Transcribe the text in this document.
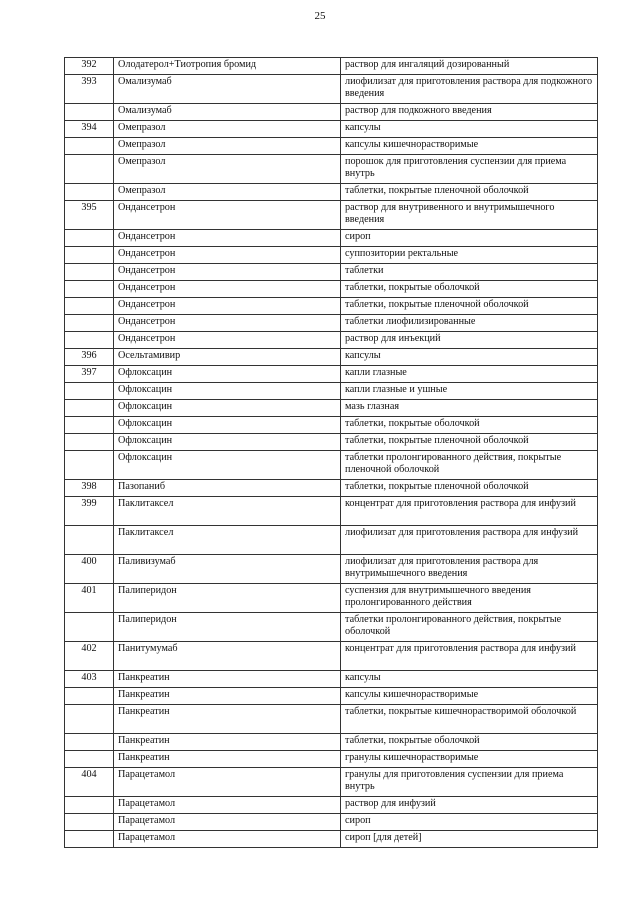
25
392	Олодатерол+Тиотропия бромид	раствор для ингаляций дозированный
393	Омализумаб	лиофилизат для приготовления раствора для подкожного введения
	Омализумаб	раствор для подкожного введения
394	Омепразол	капсулы
	Омепразол	капсулы кишечнорастворимые
	Омепразол	порошок для приготовления суспензии для приема внутрь
	Омепразол	таблетки, покрытые пленочной оболочкой
395	Ондансетрон	раствор для внутривенного и внутримышечного введения
	Ондансетрон	сироп
	Ондансетрон	суппозитории ректальные
	Ондансетрон	таблетки
	Ондансетрон	таблетки, покрытые оболочкой
	Ондансетрон	таблетки, покрытые пленочной оболочкой
	Ондансетрон	таблетки лиофилизированные
	Ондансетрон	раствор для инъекций
396	Осельтамивир	капсулы
397	Офлоксацин	капли глазные
	Офлоксацин	капли глазные и ушные
	Офлоксацин	мазь глазная
	Офлоксацин	таблетки, покрытые оболочкой
	Офлоксацин	таблетки, покрытые пленочной оболочкой
	Офлоксацин	таблетки пролонгированного действия, покрытые пленочной оболочкой
398	Пазопаниб	таблетки, покрытые пленочной оболочкой
399	Паклитаксел	концентрат для приготовления раствора для инфузий
	Паклитаксел	лиофилизат для приготовления раствора для инфузий
400	Паливизумаб	лиофилизат для приготовления раствора для внутримышечного введения
401	Палиперидон	суспензия для внутримышечного введения пролонгированного действия
	Палиперидон	таблетки пролонгированного действия, покрытые оболочкой
402	Панитумумаб	концентрат для приготовления раствора для инфузий
403	Панкреатин	капсулы
	Панкреатин	капсулы кишечнорастворимые
	Панкреатин	таблетки, покрытые кишечнорастворимой оболочкой
	Панкреатин	таблетки, покрытые оболочкой
	Панкреатин	гранулы кишечнорастворимые
404	Парацетамол	гранулы для приготовления суспензии для приема внутрь
	Парацетамол	раствор для инфузий
	Парацетамол	сироп
	Парацетамол	сироп [для детей]
